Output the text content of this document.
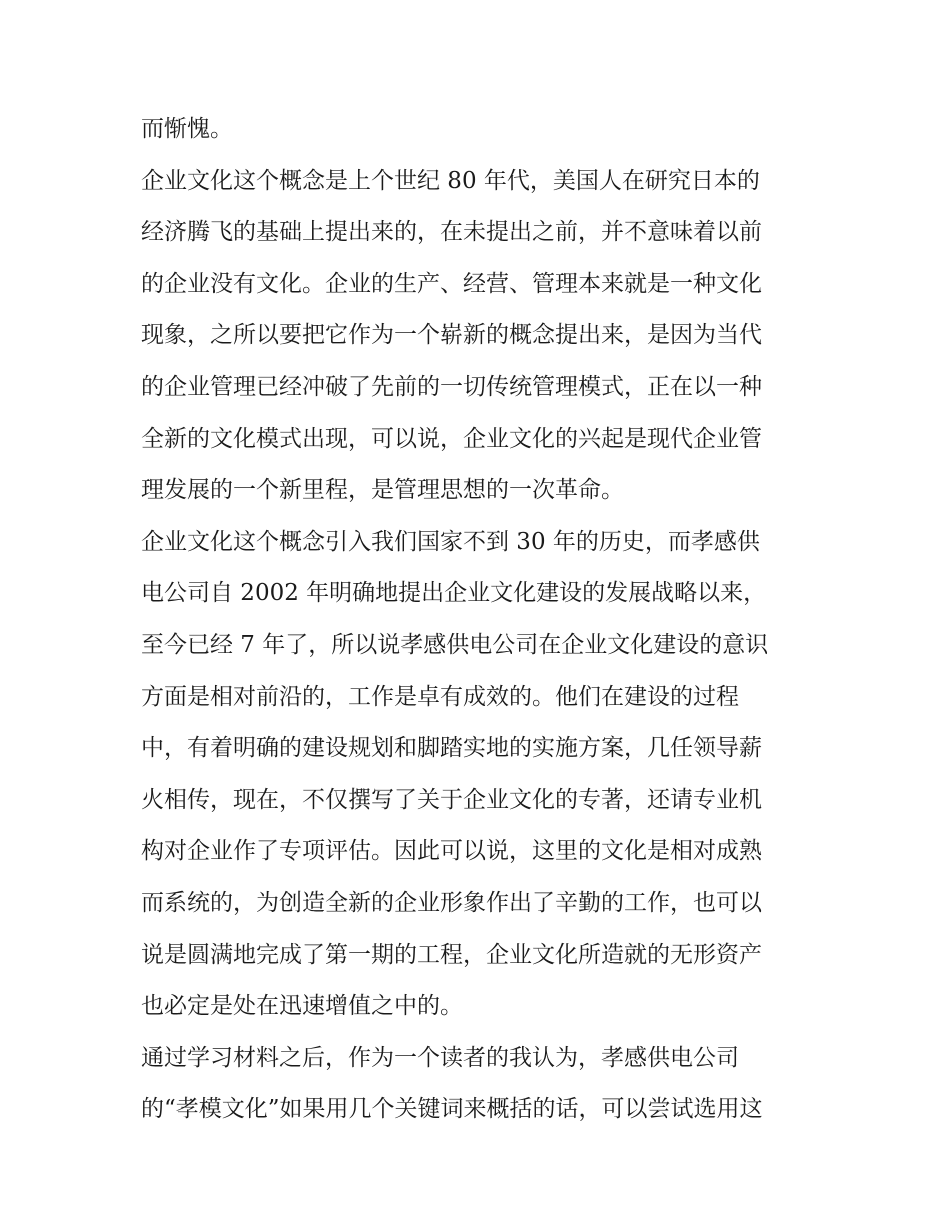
而惭愧。
企业文化这个概念是上个世纪 80 年代，美国人在研究日本的
经济腾飞的基础上提出来的，在未提出之前，并不意味着以前
的企业没有文化。企业的生产、经营、管理本来就是一种文化
现象，之所以要把它作为一个崭新的概念提出来，是因为当代
的企业管理已经冲破了先前的一切传统管理模式，正在以一种
全新的文化模式出现，可以说，企业文化的兴起是现代企业管
理发展的一个新里程，是管理思想的一次革命。
企业文化这个概念引入我们国家不到 30 年的历史，而孝感供
电公司自 2002 年明确地提出企业文化建设的发展战略以来，
至今已经 7 年了，所以说孝感供电公司在企业文化建设的意识
方面是相对前沿的，工作是卓有成效的。他们在建设的过程
中，有着明确的建设规划和脚踏实地的实施方案，几任领导薪
火相传，现在，不仅撰写了关于企业文化的专著，还请专业机
构对企业作了专项评估。因此可以说，这里的文化是相对成熟
而系统的，为创造全新的企业形象作出了辛勤的工作，也可以
说是圆满地完成了第一期的工程，企业文化所造就的无形资产
也必定是处在迅速增值之中的。
通过学习材料之后，作为一个读者的我认为，孝感供电公司
的“孝模文化”如果用几个关键词来概括的话，可以尝试选用这
